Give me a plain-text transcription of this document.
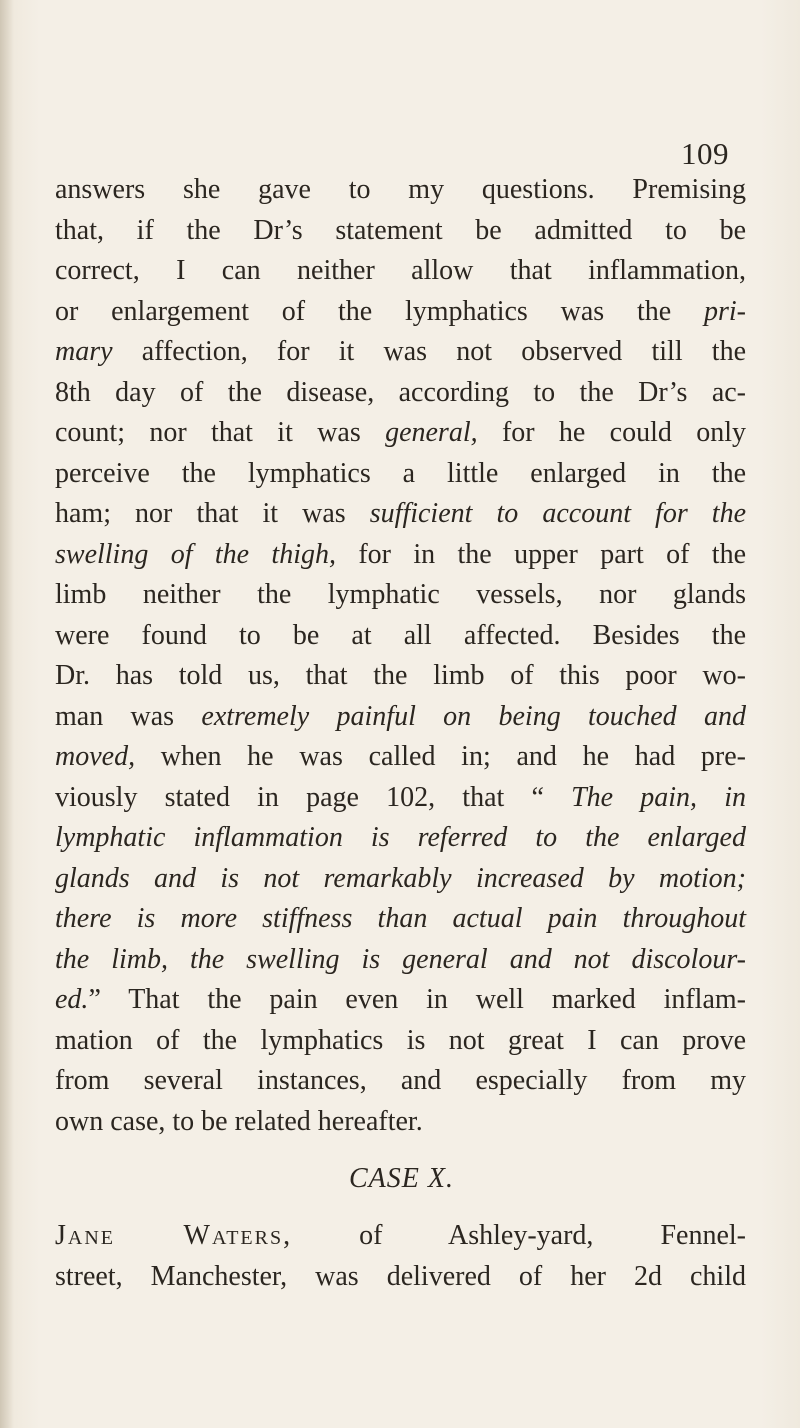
109
answers she gave to my questions. Premising
that, if the Dr’s statement be admitted to be
correct, I can neither allow that inflammation,
or enlargement of the lymphatics was the pri-
mary affection, for it was not observed till the
8th day of the disease, according to the Dr’s ac-
count; nor that it was general, for he could only
perceive the lymphatics a little enlarged in the
ham; nor that it was sufficient to account for the
swelling of the thigh, for in the upper part of the
limb neither the lymphatic vessels, nor glands
were found to be at all affected. Besides the
Dr. has told us, that the limb of this poor wo-
man was extremely painful on being touched and
moved, when he was called in; and he had pre-
viously stated in page 102, that “ The pain, in
lymphatic inflammation is referred to the enlarged
glands and is not remarkably increased by motion;
there is more stiffness than actual pain throughout
the limb, the swelling is general and not discolour-
ed.” That the pain even in well marked inflam-
mation of the lymphatics is not great I can prove
from several instances, and especially from my
own case, to be related hereafter.
CASE X.
Jane Waters, of Ashley-yard, Fennel-
street, Manchester, was delivered of her 2d child
